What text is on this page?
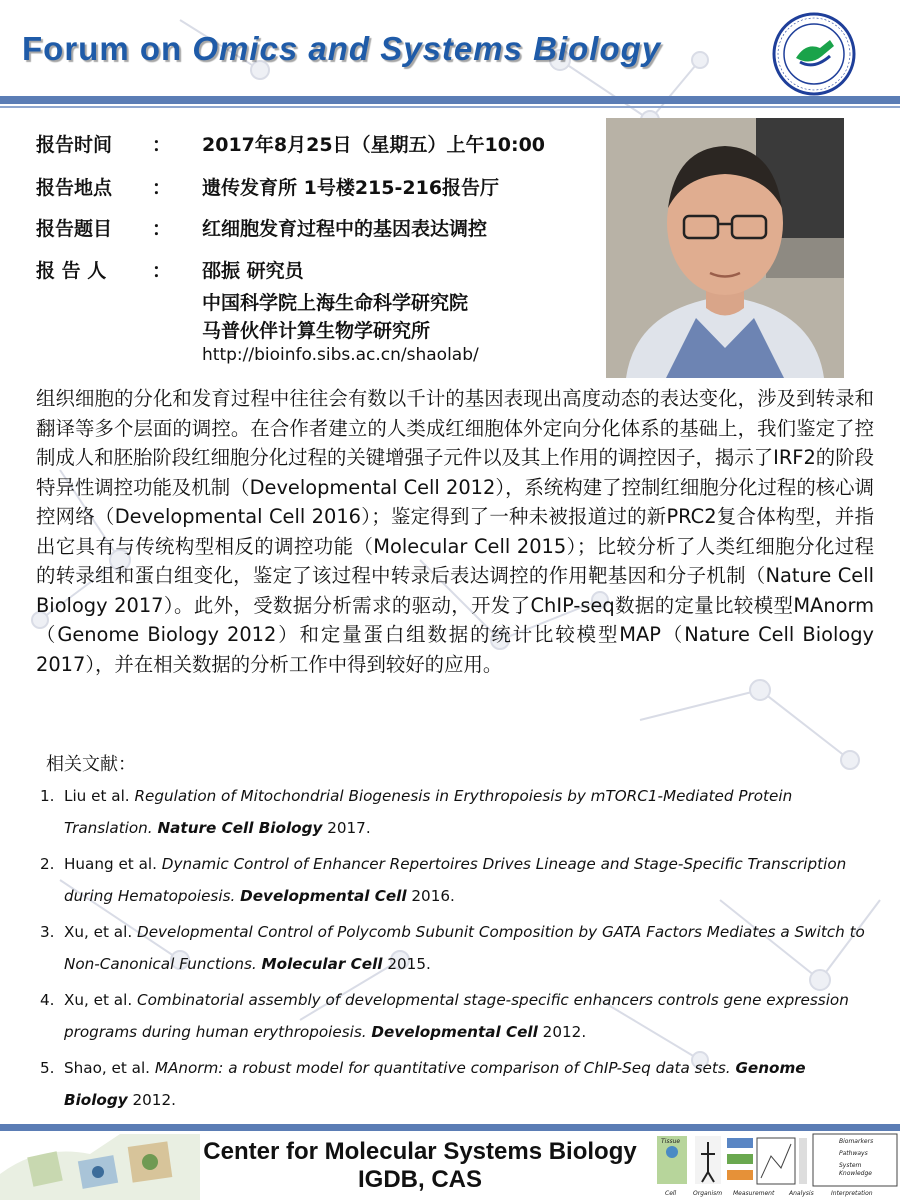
Forum on Omics and Systems Biology
报告时间	： 2017年8月25日（星期五）上午10:00
报告地点	： 遗传发育所 1号楼215-216报告厅
报告题目	： 红细胞发育过程中的基因表达调控
报 告 人	： 邵振 研究员
中国科学院上海生命科学研究院
马普伙伴计算生物学研究所
http://bioinfo.sibs.ac.cn/shaolab/
组织细胞的分化和发育过程中往往会有数以千计的基因表现出高度动态的表达变化，涉及到转录和翻译等多个层面的调控。在合作者建立的人类成红细胞体外定向分化体系的基础上，我们鉴定了控制成人和胚胎阶段红细胞分化过程的关键增强子元件以及其上作用的调控因子，揭示了IRF2的阶段特异性调控功能及机制（Developmental Cell 2012），系统构建了控制红细胞分化过程的核心调控网络（Developmental Cell 2016）；鉴定得到了一种未被报道过的新PRC2复合体构型，并指出它具有与传统构型相反的调控功能（Molecular Cell 2015）；比较分析了人类红细胞分化过程的转录组和蛋白组变化，鉴定了该过程中转录后表达调控的作用靶基因和分子机制（Nature Cell Biology 2017）。此外，受数据分析需求的驱动，开发了ChIP-seq数据的定量比较模型MAnorm（Genome Biology 2012）和定量蛋白组数据的统计比较模型MAP（Nature Cell Biology 2017），并在相关数据的分析工作中得到较好的应用。
相关文献：
1. Liu et al. Regulation of Mitochondrial Biogenesis in Erythropoiesis by mTORC1-Mediated Protein Translation. Nature Cell Biology 2017.
2. Huang et al. Dynamic Control of Enhancer Repertoires Drives Lineage and Stage-Specific Transcription during Hematopoiesis. Developmental Cell 2016.
3. Xu, et al. Developmental Control of Polycomb Subunit Composition by GATA Factors Mediates a Switch to Non-Canonical Functions. Molecular Cell 2015.
4. Xu, et al. Combinatorial assembly of developmental stage-specific enhancers controls gene expression programs during human erythropoiesis. Developmental Cell 2012.
5. Shao, et al. MAnorm: a robust model for quantitative comparison of ChIP-Seq data sets. Genome Biology 2012.
Center for Molecular Systems Biology
IGDB, CAS
Cell	Organism Measurement Analysis	Interpretation
Tissue	Biomarkers
Pathways
System
Knowledge
